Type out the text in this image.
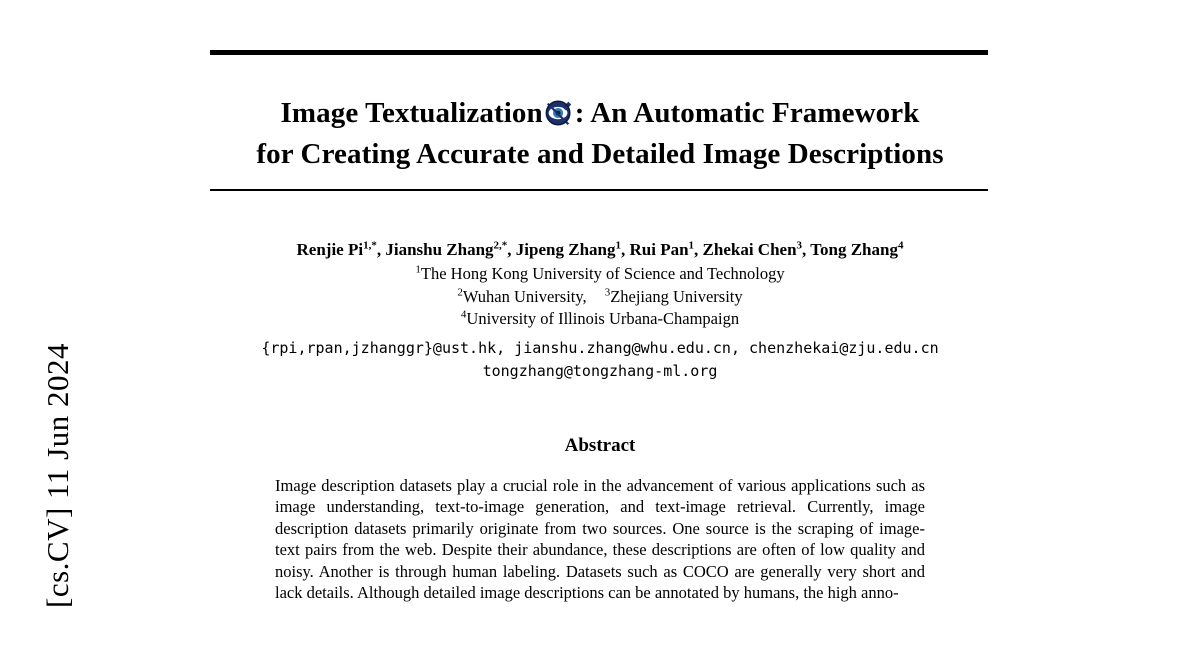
[cs.CV] 11 Jun 2024
Image Textualization : An Automatic Framework
for Creating Accurate and Detailed Image Descriptions
Renjie $Pi^{1,*}$, Jianshu Zhang$^{2,*}$, Jipeng Zhang$^1$, Rui Pan$^1$, Zhekai Chen$^3$, Tong Zhang$^4$
$^1$The Hong Kong University of Science and Technology
$^2$Wuhan University, $^3$Zhejiang University
$^4$University of Illinois Urbana-Champaign
{rpi,rpan,jzhanggr}@ust.hk, jianshu.zhang@whu.edu.cn, chenzhekai@zju.edu.cn
tongzhang@tongzhang-ml.org
Abstract

Image description datasets play a crucial role in the advancement of various applications such as image understanding, text-to-image generation, and text-image retrieval. Currently, image description datasets primarily originate from two sources. One source is the scraping of image-text pairs from the web. Despite their abundance, these descriptions are often of low quality and noisy. Another is through human labeling. Datasets such as COCO are generally very short and lack details. Although detailed image descriptions can be annotated by humans, the high anno-
